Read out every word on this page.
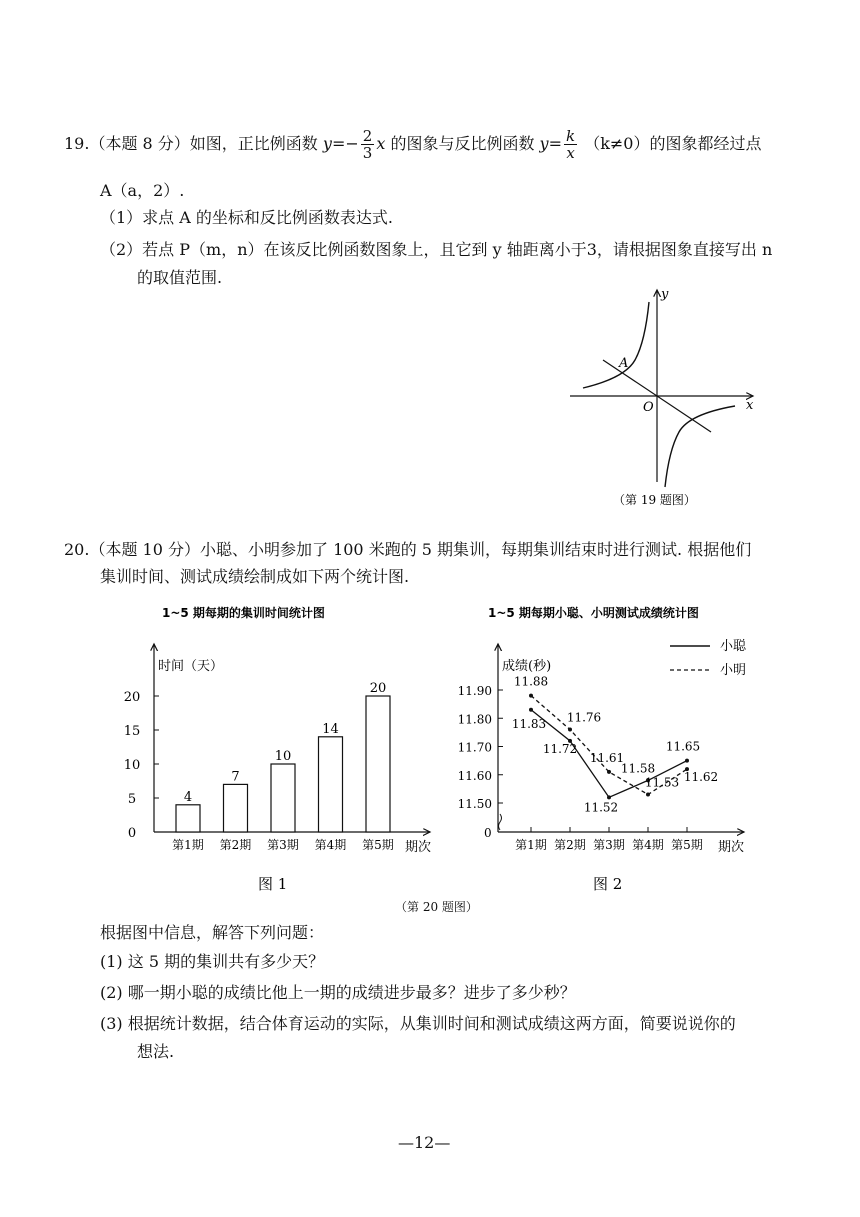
19.（本题 8 分）如图，正比例函数 $y=- \frac{2}{3}$ x 的图象与反比例函数 $y= \frac{k}{x} (k\ne 0)$的图象都经过点
A（a，2）.
（1）求点 A 的坐标和反比例函数表达式.
（2）若点 P（m，n）在该反比例函数图象上，且它到 y 轴距离小于3，请根据图象直接写出 n
的取值范围.
y
x
O
A
（第 19 题图）
20.（本题 10 分）小聪、小明参加了 100 米跑的 5 期集训，每期集训结束时进行测试. 根据他们
集训时间、测试成绩绘制成如下两个统计图.
1~5 期每期的集训时间统计图
时间（天）
期次
0
5
10
15
20
4
第1期
7
第2期
10
第3期
14
第4期
20
第5期
图 1
1~5 期每期小聪、小明测试成绩统计图
成绩(秒)
期次
0
11.50
11.60
11.70
11.80
11.90
第1期 第2期 第3期 第4期 第5期
11.83
11.72
11.52
11.58
11.65
11.88
11.76
11.61
11.53 11.62
小聪
小明
图 2
（第 20 题图）
根据图中信息，解答下列问题：
(1) 这 5 期的集训共有多少天？
(2) 哪一期小聪的成绩比他上一期的成绩进步最多？进步了多少秒？
(3) 根据统计数据，结合体育运动的实际，从集训时间和测试成绩这两方面，简要说说你的
想法.
—12—
